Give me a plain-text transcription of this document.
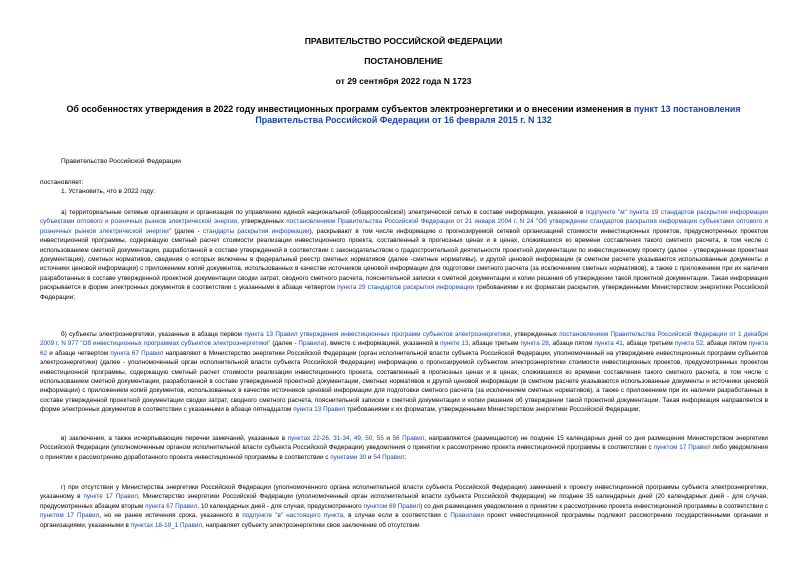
ПРАВИТЕЛЬСТВО РОССИЙСКОЙ ФЕДЕРАЦИИ
ПОСТАНОВЛЕНИЕ
от 29 сентября 2022 года N 1723
Об особенностях утверждения в 2022 году инвестиционных программ субъектов электроэнергетики и о внесении изменения в пункт 13 постановления Правительства Российской Федерации от 16 февраля 2015 г. N 132
Правительство Российской Федерации
постановляет:
1. Установить, что в 2022 году:
а) территориальные сетевые организации и организация по управлению единой национальной (общероссийской) электрической сетью в составе информации, указанной в подпункте "м" пункта 19 стандартов раскрытия информации субъектами оптового и розничных рынков электрической энергии, утвержденных постановлением Правительства Российской Федерации от 21 января 2004 г. N 24 "Об утверждении стандартов раскрытия информации субъектами оптового и розничных рынков электрической энергии" (далее - стандарты раскрытия информации), раскрывают в том числе информацию о прогнозируемой сетевой организацией стоимости инвестиционных проектов, предусмотренных проектом инвестиционной программы, содержащую сметный расчет стоимости реализации инвестиционного проекта, составленный в прогнозных ценах и в ценах, сложившихся ко времени составления такого сметного расчета, в том числе с использованием сметной документации, разработанной в составе утвержденной в соответствии с законодательством о градостроительной деятельности проектной документации по инвестиционному проекту (далее - утвержденная проектная документация), сметных нормативов, сведения о которых включены в федеральный реестр сметных нормативов (далее -сметные нормативы), и другой ценовой информации (в сметном расчете указываются использованные документы и источники ценовой информации) с приложением копий документов, использованных в качестве источников ценовой информации для подготовки сметного расчета (за исключением сметных нормативов), а также с приложением при их наличии разработанных в составе утвержденной проектной документации сводки затрат, сводного сметного расчета, пояснительной записки к сметной документации и копии решения об утверждении такой проектной документации. Такая информация раскрывается в форме электронных документов в соответствии с указанными в абзаце четвертом пункта 29 стандартов раскрытия информации требованиями к их форматам раскрытия, утвержденными Министерством энергетики Российской Федерации;
б) субъекты электроэнергетики, указанные в абзаце первом пункта 13 Правил утверждения инвестиционных программ субъектов электроэнергетики, утвержденных постановлением Правительства Российской Федерации от 1 декабря 2009 г. N 977 "Об инвестиционных программах субъектов электроэнергетики" (далее - Правила), вместе с информацией, указанной в пункте 13, абзаце третьем пункта 28, абзаце пятом пункта 41, абзаце третьем пункта 52, абзаце пятом пункта 62 и абзаце четвертом пункта 67 Правил направляют в Министерство энергетики Российской Федерации (орган исполнительной власти субъекта Российской Федерации, уполномоченный на утверждение инвестиционных программ субъектов электроэнергетики) (далее - уполномоченный орган исполнительной власти субъекта Российской Федерации) информацию о прогнозируемой субъектом электроэнергетики стоимости инвестиционных проектов, предусмотренных проектом инвестиционной программы, содержащую сметный расчет стоимости реализации инвестиционного проекта, составленный в прогнозных ценах и в ценах, сложившихся ко времени составления такого сметного расчета, в том числе с использованием сметной документации, разработанной в составе утвержденной проектной документации, сметных нормативов и другой ценовой информации (в сметном расчете указываются использованные документы и источники ценовой информации) с приложением копий документов, использованных в качестве источников ценовой информации для подготовки сметного расчета (за исключением сметных нормативов), а также с приложением при их наличии разработанных в составе утвержденной проектной документации сводки затрат, сводного сметного расчета, пояснительной записки к сметной документации и копии решения об утверждении такой проектной документации. Такая информация направляется в форме электронных документов в соответствии с указанными в абзаце пятнадцатом пункта 13 Правил требованиями к их форматам, утвержденными Министерством энергетики Российской Федерации;
в) заключения, а также исчерпывающие перечни замечаний, указанные в пунктах 22-26, 31-34, 49, 50, 55 и 56 Правил, направляются (размещаются) не позднее 15 календарных дней со дня размещения Министерством энергетики Российской Федерации (уполномоченным органом исполнительной власти субъекта Российской Федерации) уведомления о принятии к рассмотрению проекта инвестиционной программы в соответствии с пунктом 17 Правил либо уведомления о принятии к рассмотрению доработанного проекта инвестиционной программы в соответствии с пунктами 30 и 54 Правил;
г) при отсутствии у Министерства энергетики Российской Федерации (уполномоченного органа исполнительной власти субъекта Российской Федерации) замечаний к проекту инвестиционной программы субъекта электроэнергетики, указанному в пункте 17 Правил, Министерство энергетики Российской Федерации (уполномоченный орган исполнительной власти субъекта Российской Федерации) не позднее 35 календарных дней (20 календарных дней - для случая, предусмотренных абзацем вторым пункта 67 Правил, 10 календарных дней - для случая, предусмотренного пунктом 69 Правил) со дня размещения уведомления о принятии к рассмотрению проекта инвестиционной программы в соответствии с пунктом 17 Правил, но не ранее истечения срока, указанного в подпункте "в" настоящего пункта, в случае если в соответствии с Правилами проект инвестиционной программы подлежит рассмотрению государственными органами и организациями, указанными в пунктах 18-19_1 Правил, направляет субъекту электроэнергетики свое заключение об отсутствии
